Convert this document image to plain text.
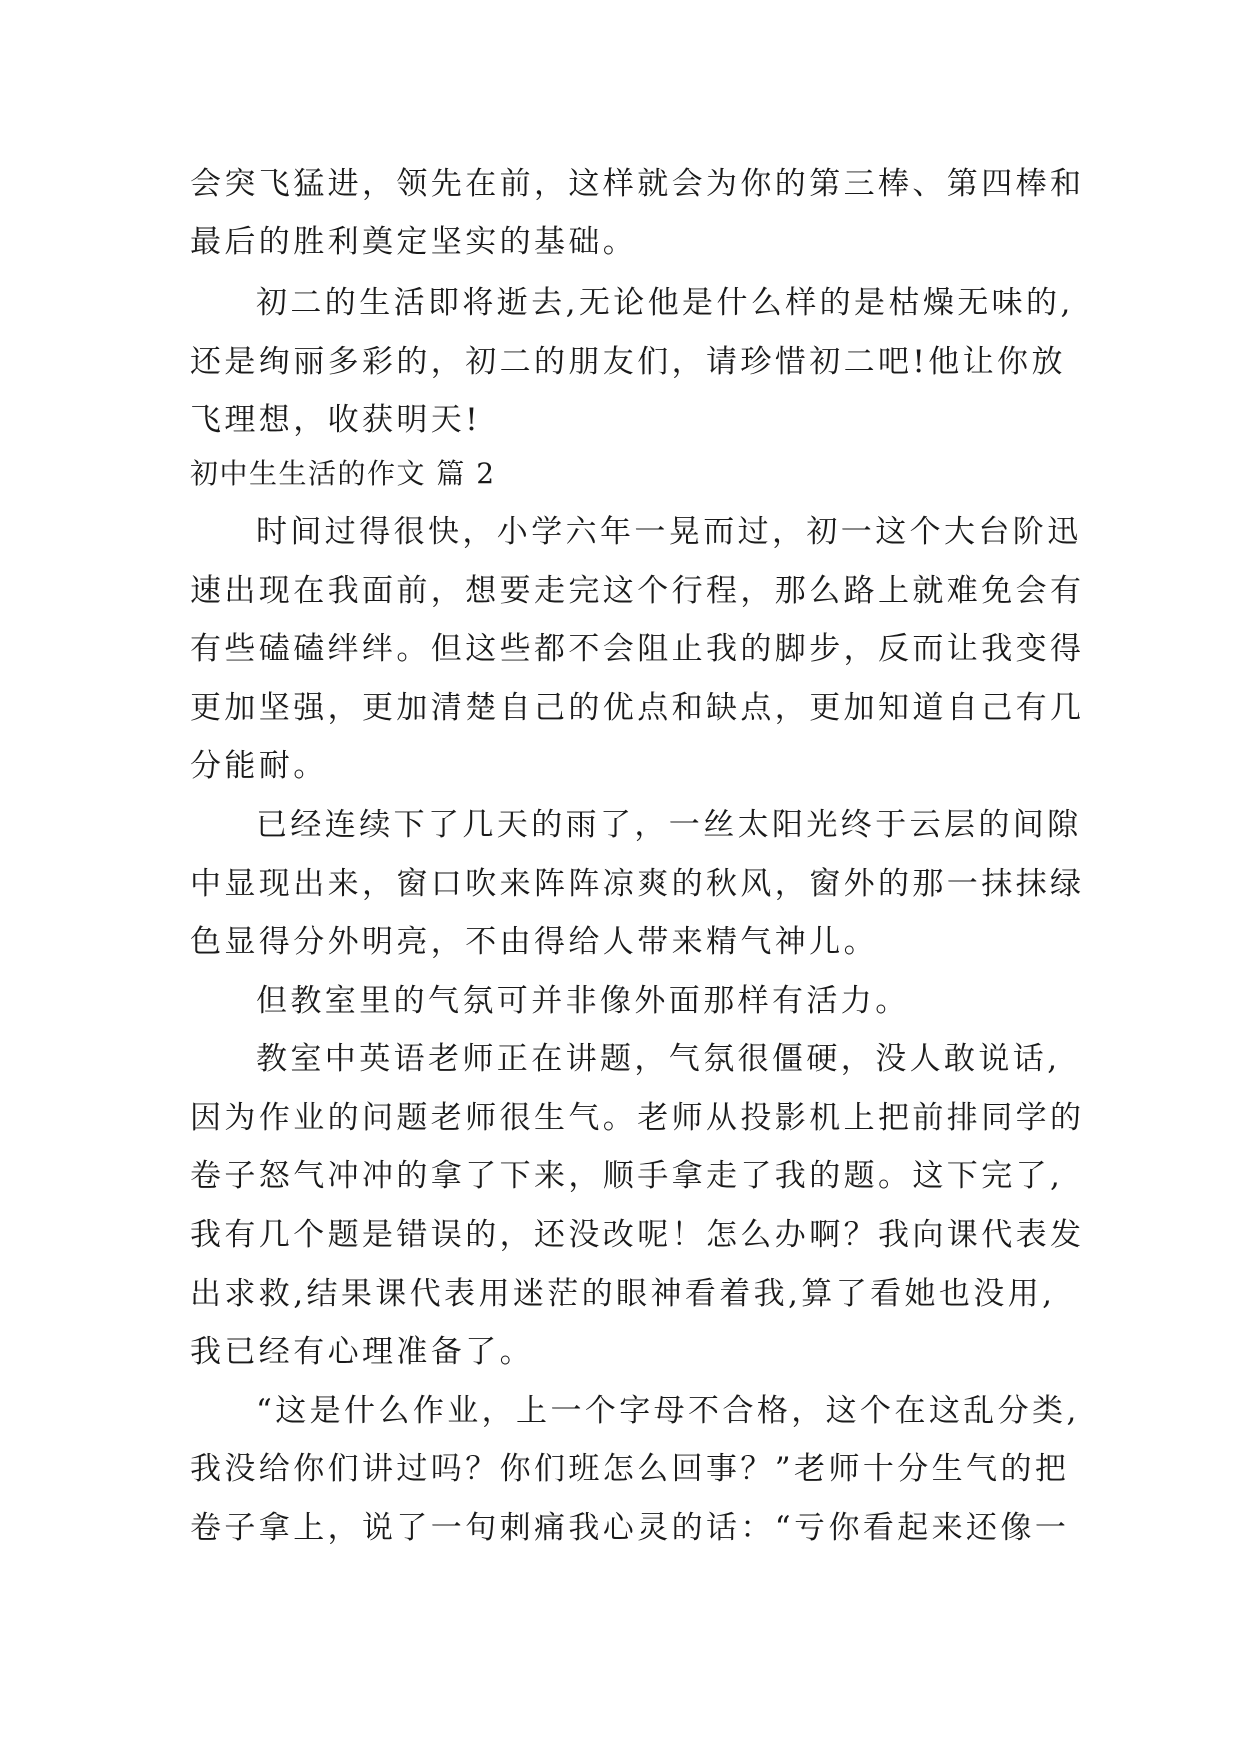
会突飞猛进，领先在前，这样就会为你的第三棒、第四棒和
最后的胜利奠定坚实的基础。
初二的生活即将逝去,无论他是什么样的是枯燥无味的,
还是绚丽多彩的，初二的朋友们，请珍惜初二吧!他让你放
飞理想，收获明天!
初中生生活的作文 篇 2
时间过得很快，小学六年一晃而过，初一这个大台阶迅
速出现在我面前，想要走完这个行程，那么路上就难免会有
有些磕磕绊绊。但这些都不会阻止我的脚步，反而让我变得
更加坚强，更加清楚自己的优点和缺点，更加知道自己有几
分能耐。
已经连续下了几天的雨了，一丝太阳光终于云层的间隙
中显现出来，窗口吹来阵阵凉爽的秋风，窗外的那一抹抹绿
色显得分外明亮，不由得给人带来精气神儿。
但教室里的气氛可并非像外面那样有活力。
教室中英语老师正在讲题，气氛很僵硬，没人敢说话,
因为作业的问题老师很生气。老师从投影机上把前排同学的
卷子怒气冲冲的拿了下来，顺手拿走了我的题。这下完了,
我有几个题是错误的，还没改呢！怎么办啊？我向课代表发
出求救,结果课代表用迷茫的眼神看着我,算了看她也没用,
我已经有心理准备了。
“这是什么作业，上一个字母不合格，这个在这乱分类,
我没给你们讲过吗？你们班怎么回事？”老师十分生气的把
卷子拿上，说了一句刺痛我心灵的话：“亏你看起来还像一
